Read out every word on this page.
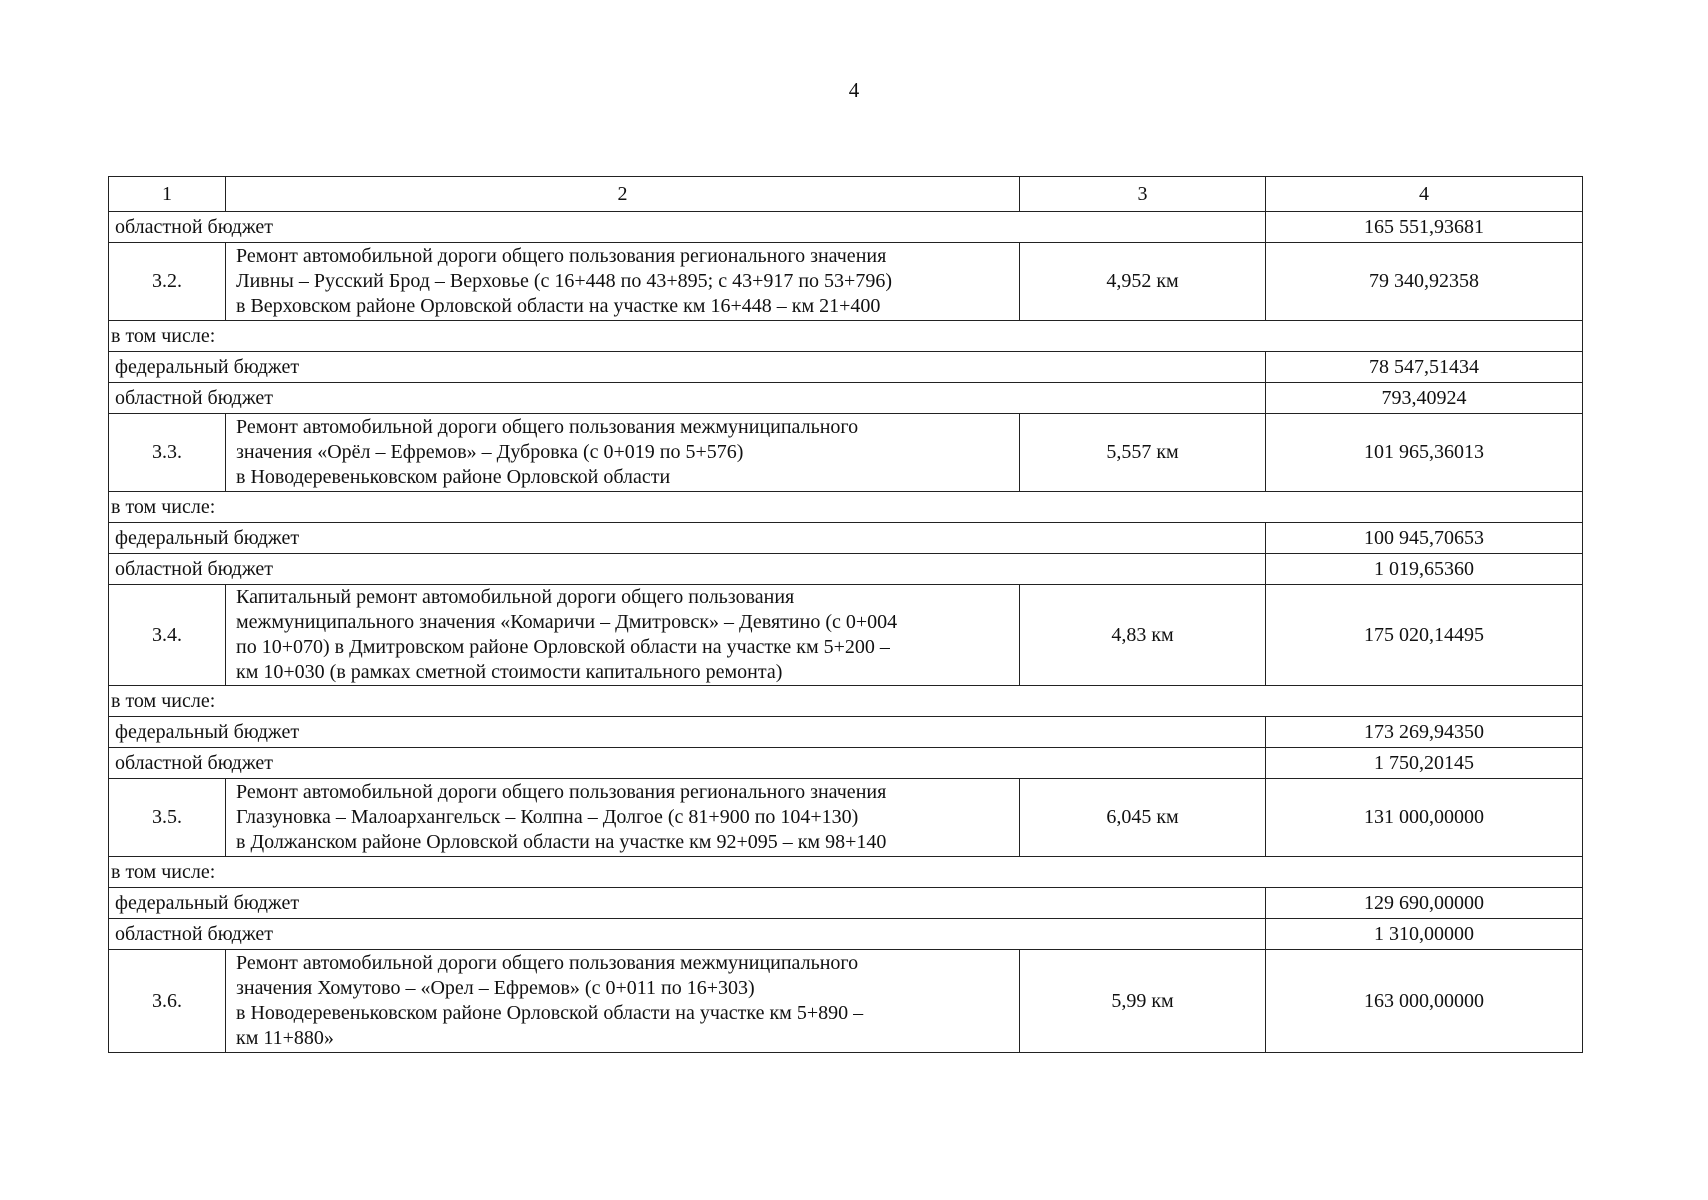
4
1	2	3	4
областной бюджет			165 551,93681
3.2.	Ремонт автомобильной дороги общего пользования регионального значения
Ливны – Русский Брод – Верховье (с 16+448 по 43+895; с 43+917 по 53+796)
в Верховском районе Орловской области на участке км 16+448 – км 21+400	4,952 км	79 340,92358
в том числе:			
федеральный бюджет			78 547,51434
областной бюджет			793,40924
3.3.	Ремонт автомобильной дороги общего пользования межмуниципального
значения «Орёл – Ефремов» – Дубровка (с 0+019 по 5+576)
в Новодеревеньковском районе Орловской области	5,557 км	101 965,36013
в том числе:			
федеральный бюджет			100 945,70653
областной бюджет			1 019,65360
3.4.	Капитальный ремонт автомобильной дороги общего пользования
межмуниципального значения «Комаричи – Дмитровск» – Девятино (с 0+004
по 10+070) в Дмитровском районе Орловской области на участке км 5+200 –
км 10+030 (в рамках сметной стоимости капитального ремонта)	4,83 км	175 020,14495
в том числе:			
федеральный бюджет			173 269,94350
областной бюджет			1 750,20145
3.5.	Ремонт автомобильной дороги общего пользования регионального значения
Глазуновка – Малоархангельск – Колпна – Долгое (с 81+900 по 104+130)
в Должанском районе Орловской области на участке км 92+095 – км 98+140	6,045 км	131 000,00000
в том числе:			
федеральный бюджет			129 690,00000
областной бюджет			1 310,00000
3.6.	Ремонт автомобильной дороги общего пользования межмуниципального
значения Хомутово – «Орел – Ефремов» (с 0+011 по 16+303)
в Новодеревеньковском районе Орловской области на участке км 5+890 –
км 11+880»	5,99 км	163 000,00000
